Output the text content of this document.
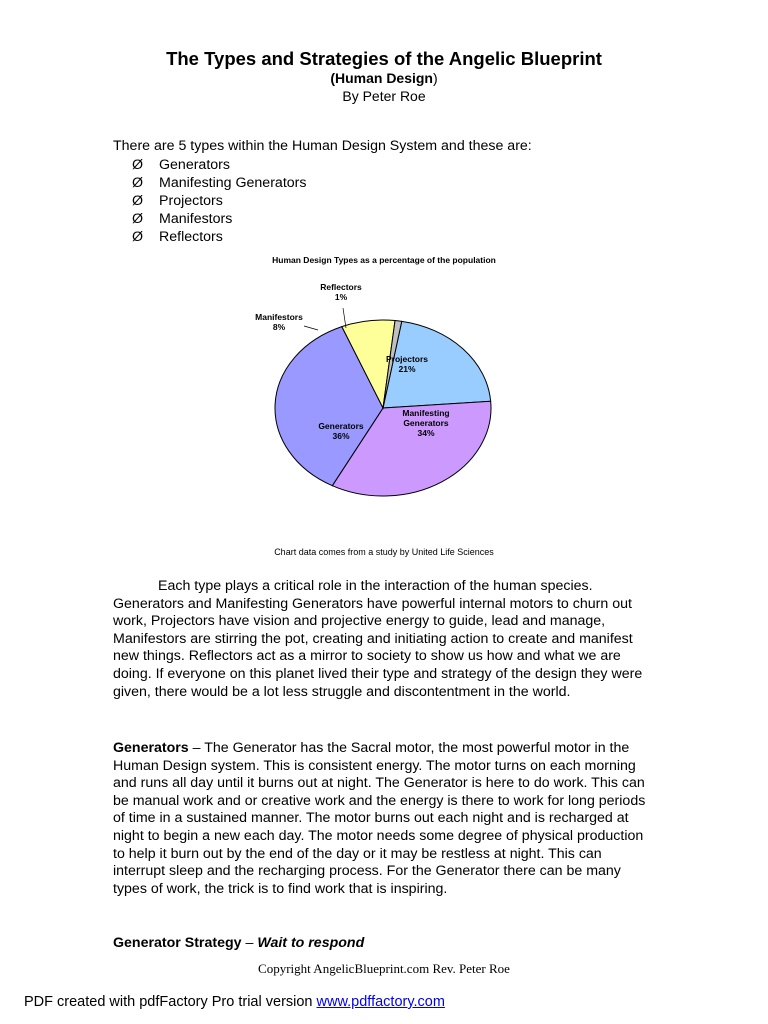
The Types and Strategies of the Angelic Blueprint
(Human Design)
By Peter Roe
There are 5 types within the Human Design System and these are:
Ø	Generators
Ø	Manifesting Generators
Ø	Projectors
Ø	Manifestors
Ø	Reflectors
Human Design Types as a percentage of the population
Projectors 21%
Manifesting Generators 34%
Generators 36%
Manifestors 8%
Reflectors 1%
Chart data comes from a study by United Life Sciences

Each type plays a critical role in the interaction of the human species. Generators and Manifesting Generators have powerful internal motors to churn out work, Projectors have vision and projective energy to guide, lead and manage, Manifestors are stirring the pot, creating and initiating action to create and manifest new things. Reflectors act as a mirror to society to show us how and what we are doing. If everyone on this planet lived their type and strategy of the design they were given, there would be a lot less struggle and discontentment in the world.

Generators – The Generator has the Sacral motor, the most powerful motor in the Human Design system. This is consistent energy. The motor turns on each morning and runs all day until it burns out at night. The Generator is here to do work. This can be manual work and or creative work and the energy is there to work for long periods of time in a sustained manner. The motor burns out each night and is recharged at night to begin a new each day. The motor needs some degree of physical production to help it burn out by the end of the day or it may be restless at night. This can interrupt sleep and the recharging process. For the Generator there can be many types of work, the trick is to find work that is inspiring.

Generator Strategy – Wait to respond
Copyright AngelicBlueprint.com Rev. Peter Roe
PDF created with pdfFactory Pro trial version www.pdffactory.com
